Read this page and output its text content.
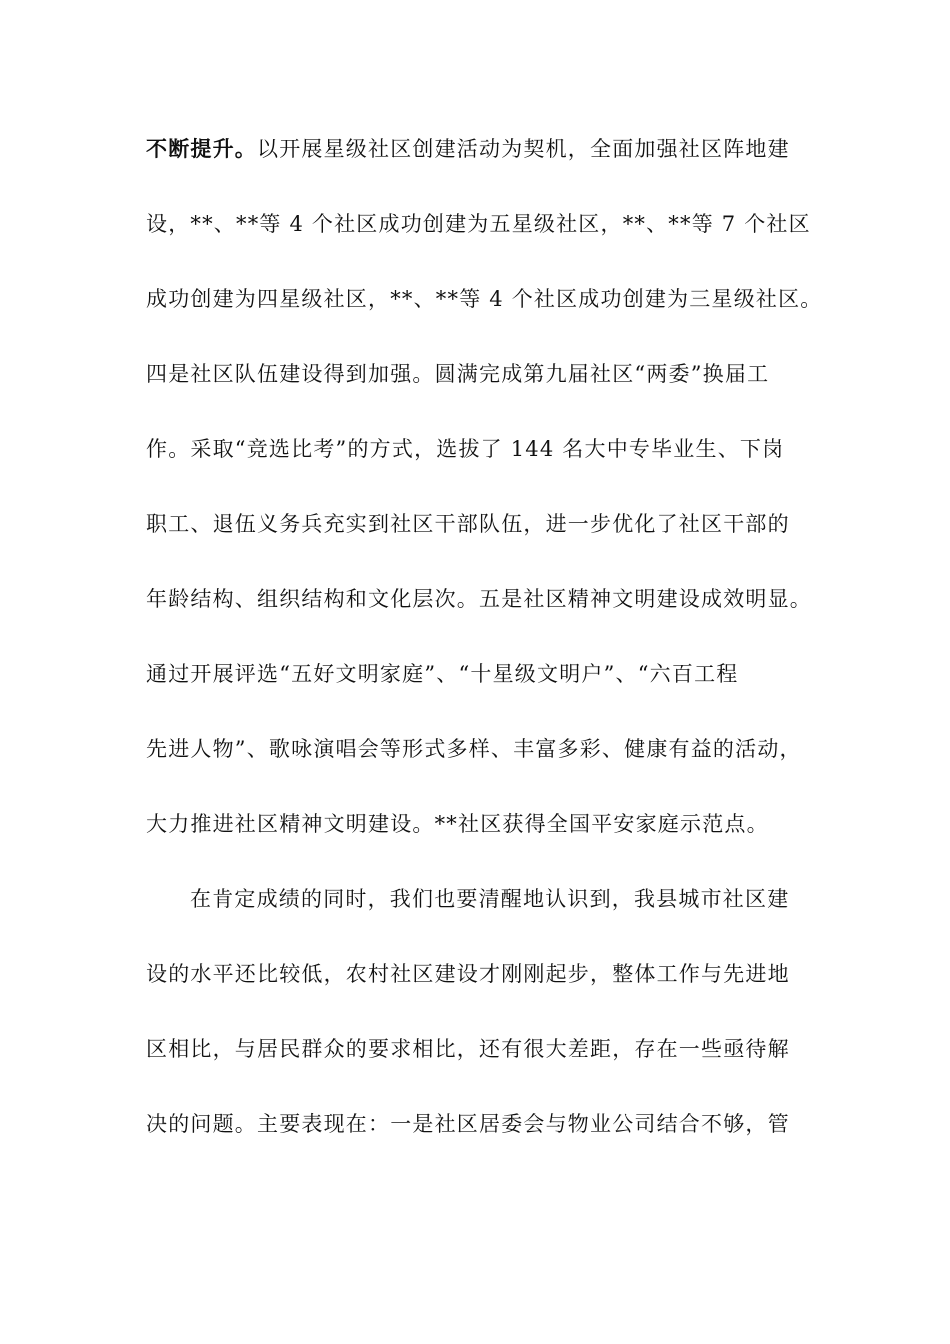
不断提升。以开展星级社区创建活动为契机，全面加强社区阵地建
设，**、**等 4 个社区成功创建为五星级社区，**、**等 7 个社区
成功创建为四星级社区，**、**等 4 个社区成功创建为三星级社区。
四是社区队伍建设得到加强。圆满完成第九届社区“两委”换届工
作。采取“竞选比考”的方式，选拔了 144 名大中专毕业生、下岗
职工、退伍义务兵充实到社区干部队伍，进一步优化了社区干部的
年龄结构、组织结构和文化层次。五是社区精神文明建设成效明显。
通过开展评选“五好文明家庭”、“十星级文明户”、“六百工程
先进人物”、歌咏演唱会等形式多样、丰富多彩、健康有益的活动，
大力推进社区精神文明建设。**社区获得全国平安家庭示范点。
在肯定成绩的同时，我们也要清醒地认识到，我县城市社区建
设的水平还比较低，农村社区建设才刚刚起步，整体工作与先进地
区相比，与居民群众的要求相比，还有很大差距，存在一些亟待解
决的问题。主要表现在：一是社区居委会与物业公司结合不够，管
